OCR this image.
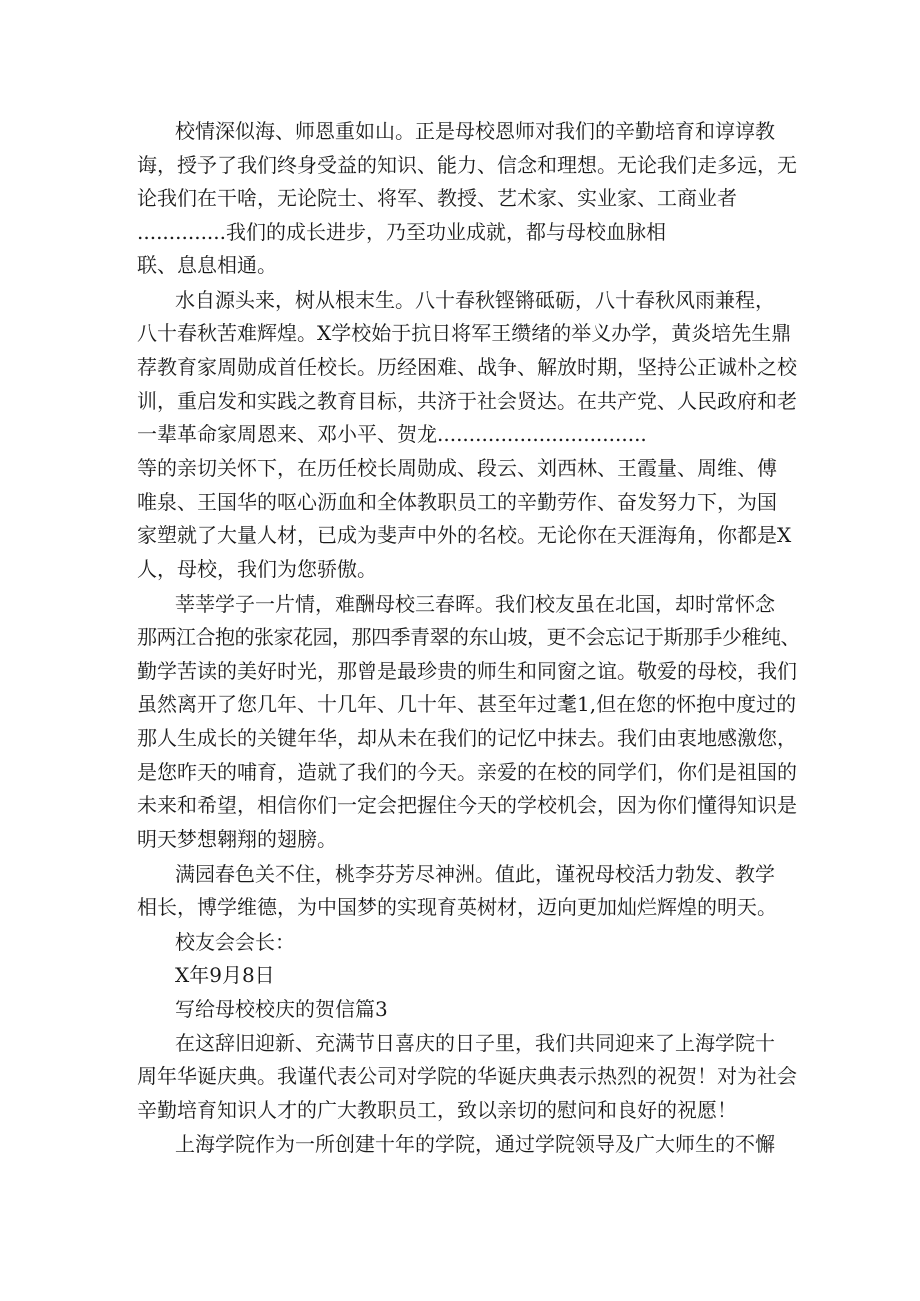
校情深似海、师恩重如山。正是母校恩师对我们的辛勤培育和谆谆教

诲，授予了我们终身受益的知识、能力、信念和理想。无论我们走多远，无

论我们在干啥，无论院士、将军、教授、艺术家、实业家、工商业者

..............我们的成长进步，乃至功业成就，都与母校血脉相

联、息息相通。

水自源头来，树从根末生。八十春秋铿锵砥砺，八十春秋风雨兼程，

八十春秋苦难辉煌。X学校始于抗日将军王缵绪的举义办学，黄炎培先生鼎

荐教育家周勋成首任校长。历经困难、战争、解放时期，坚持公正诚朴之校

训，重启发和实践之教育目标，共济于社会贤达。在共产党、人民政府和老

一辈革命家周恩来、邓小平、贺龙.................................

等的亲切关怀下，在历任校长周勋成、段云、刘西林、王霞量、周维、傅

唯泉、王国华的呕心沥血和全体教职员工的辛勤劳作、奋发努力下，为国

家塑就了大量人材，已成为斐声中外的名校。无论你在天涯海角，你都是X

人，母校，我们为您骄傲。

莘莘学子一片情，难酬母校三春晖。我们校友虽在北国，却时常怀念

那两江合抱的张家花园，那四季青翠的东山坡，更不会忘记于斯那手少稚纯、

勤学苦读的美好时光，那曾是最珍贵的师生和同窗之谊。敬爱的母校，我们

虽然离开了您几年、十几年、几十年、甚至年过耄1,但在您的怀抱中度过的

那人生成长的关键年华，却从未在我们的记忆中抹去。我们由衷地感激您，

是您昨天的哺育，造就了我们的今天。亲爱的在校的同学们，你们是祖国的

未来和希望，相信你们一定会把握住今天的学校机会，因为你们懂得知识是

明天梦想翱翔的翅膀。

满园春色关不住，桃李芬芳尽神洲。值此，谨祝母校活力勃发、教学

相长，博学维德，为中国梦的实现育英树材，迈向更加灿烂辉煌的明天。

校友会会长：

X年9月8日

写给母校校庆的贺信篇3

在这辞旧迎新、充满节日喜庆的日子里，我们共同迎来了上海学院十

周年华诞庆典。我谨代表公司对学院的华诞庆典表示热烈的祝贺！对为社会

辛勤培育知识人才的广大教职员工，致以亲切的慰问和良好的祝愿！

上海学院作为一所创建十年的学院，通过学院领导及广大师生的不懈
